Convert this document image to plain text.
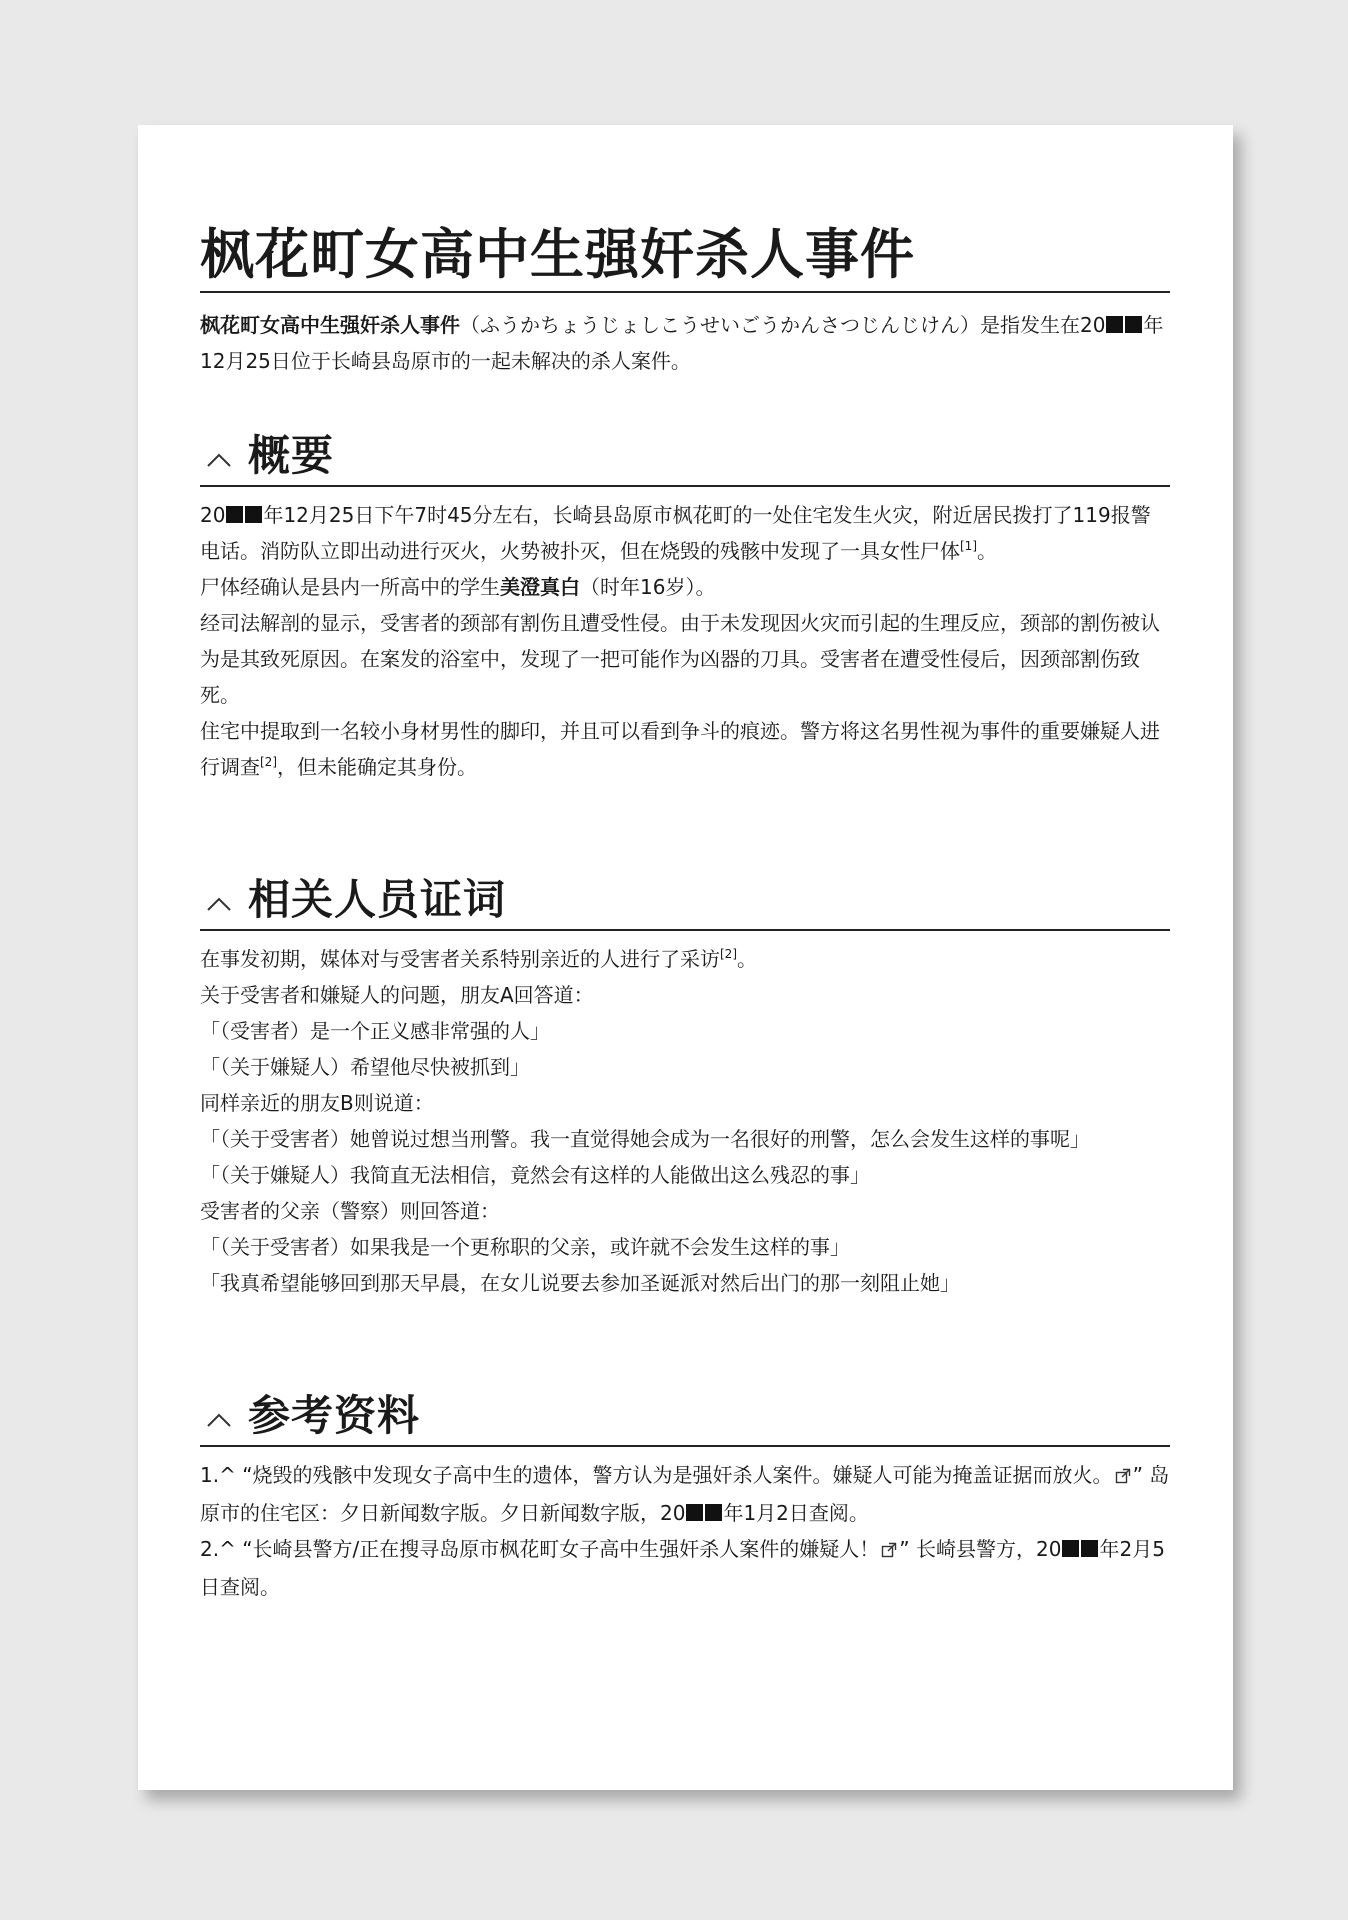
枫花町女高中生强奸杀人事件
枫花町女高中生强奸杀人事件（ふうかちょうじょしこうせいごうかんさつじんじけん）是指发生在20 年12月25日位于长崎县岛原市的一起未解决的杀人案件。
概要

20 年12月25日下午7时45分左右，长崎县岛原市枫花町的一处住宅发生火灾，附近居民拨打了119报警电话。消防队立即出动进行灭火，火势被扑灭，但在烧毁的残骸中发现了一具女性尸体[1]。

尸体经确认是县内一所高中的学生美澄真白（时年16岁）。

经司法解剖的显示，受害者的颈部有割伤且遭受性侵。由于未发现因火灾而引起的生理反应，颈部的割伤被认为是其致死原因。在案发的浴室中，发现了一把可能作为凶器的刀具。受害者在遭受性侵后，因颈部割伤致死。

住宅中提取到一名较小身材男性的脚印，并且可以看到争斗的痕迹。警方将这名男性视为事件的重要嫌疑人进行调查[2]，但未能确定其身份。

相关人员证词

在事发初期，媒体对与受害者关系特别亲近的人进行了采访[2]。

关于受害者和嫌疑人的问题，朋友A回答道：

「（受害者）是一个正义感非常强的人」

「（关于嫌疑人）希望他尽快被抓到」

同样亲近的朋友B则说道：

「（关于受害者）她曾说过想当刑警。我一直觉得她会成为一名很好的刑警，怎么会发生这样的事呢」

「（关于嫌疑人）我简直无法相信，竟然会有这样的人能做出这么残忍的事」

受害者的父亲（警察）则回答道：

「（关于受害者）如果我是一个更称职的父亲，或许就不会发生这样的事」

「我真希望能够回到那天早晨，在女儿说要去参加圣诞派对然后出门的那一刻阻止她」

参考资料

1.^ “烧毁的残骸中发现女子高中生的遗体，警方认为是强奸杀人案件。嫌疑人可能为掩盖证据而放火。 ” 岛原市的住宅区：夕日新闻数字版。夕日新闻数字版，20 年1月2日查阅。

2.^ “长崎县警方/正在搜寻岛原市枫花町女子高中生强奸杀人案件的嫌疑人！ ” 长崎县警方，20 年2月5日查阅。
